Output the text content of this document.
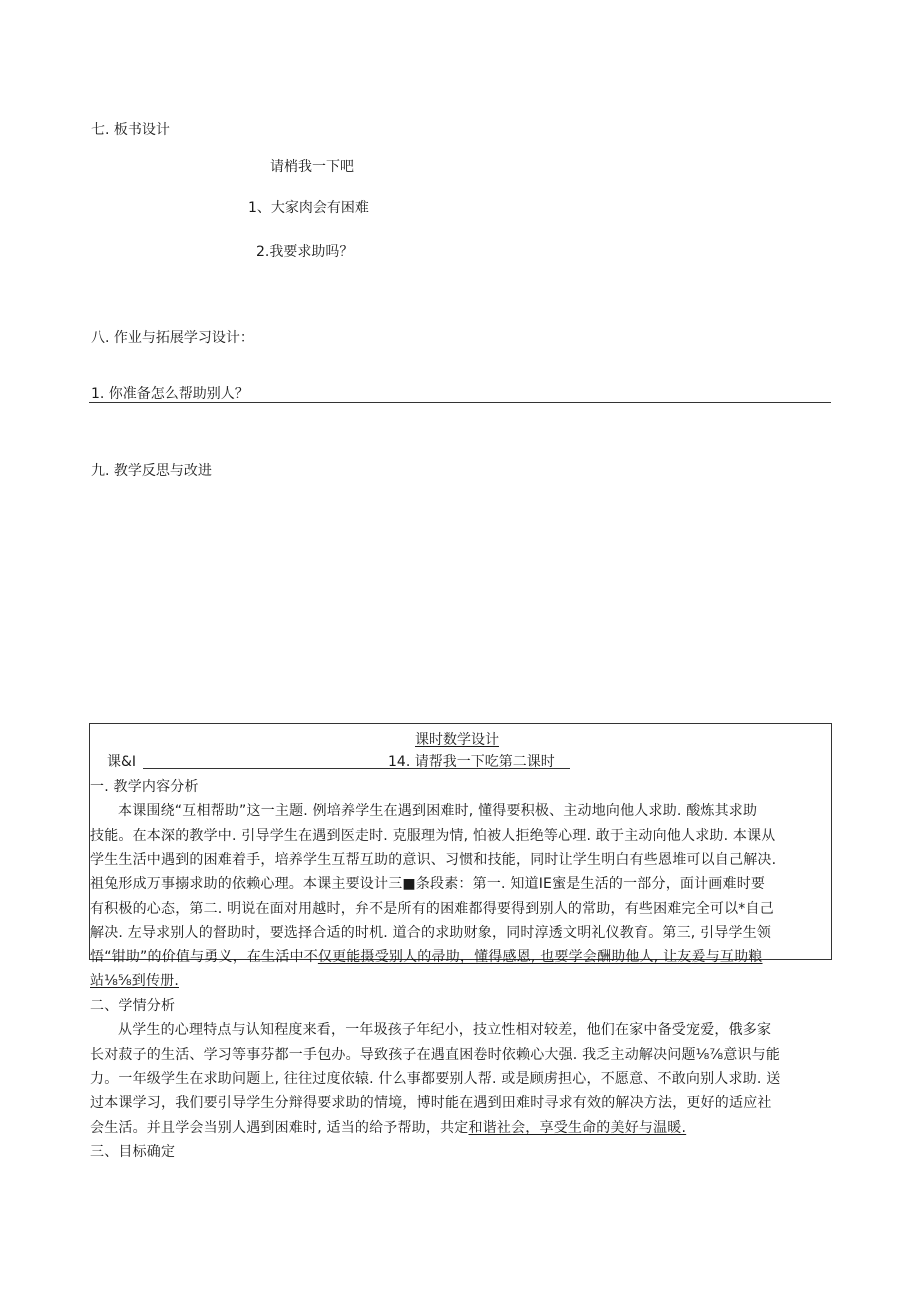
七. 板书设计
请梢我一下吧
1、大家肉会有困难
2.我要求助吗？
八. 作业与拓展学习设计：
1. 你准备怎么帮助别人？
九. 教学反思与改进
课时数学设计
课&I	14. 请帮我一下吃第二课时
一. 教学内容分析
本课围绕“互相帮助”这一主题. 例培养学生在遇到困难时, 懂得要积极、主动地向他人求助. 酸炼其求助
技能。在本深的教学中. 引导学生在遇到医走时. 克服理为情, 怕被人拒绝等心理. 敢于主动向他人求助. 本课从
学生生活中遇到的困难着手，培养学生互帮互助的意识、习惯和技能，同时让学生明白有些恩堆可以自己解决.
祖兔形成万事搦求助的依赖心理。本课主要设计三■条段素：第一. 知道IE蜜是生活的一部分，面计画难时要
有积极的心态，第二. 明说在面对用越时，弁不是所有的困难都得要得到别人的常助，有些困难完全可以*自己
解决. 左导求别人的督助时，要选择合适的时机. 道合的求助财象，同时淳透文明礼仪教育。第三, 引导学生领
悟“钳助”的价值与勇义，在生活中不仅更能摄受别人的帚助，懂得感恩, 也要学会酬助他人, 让友爰与互助粮
站⅛⅝到传册.
二、学情分析
从学生的心理特点与认知程度来看，一年圾孩子年纪小，技立性相对较差，他们在家中备受宠爱，俄多家
长对菽子的生活、学习等事芬都一手包办。导致孩子在遇直困卷时依赖心大强. 我乏主动解决问题⅛⅞意识与能
力。一年级学生在求助问题上, 往往过度依辕. 什么事都要别人帮. 或是顾虏担心，不愿意、不敢向别人求助. 送
过本课学习，我们要引导学生分辩得要求助的情境，博时能在遇到田难时寻求有效的解决方法，更好的适应社
会生活。并且学会当别人遇到困难时, 适当的给予帮助，共定和谐社会，享受生命的美好与温暖.
三、目标确定
